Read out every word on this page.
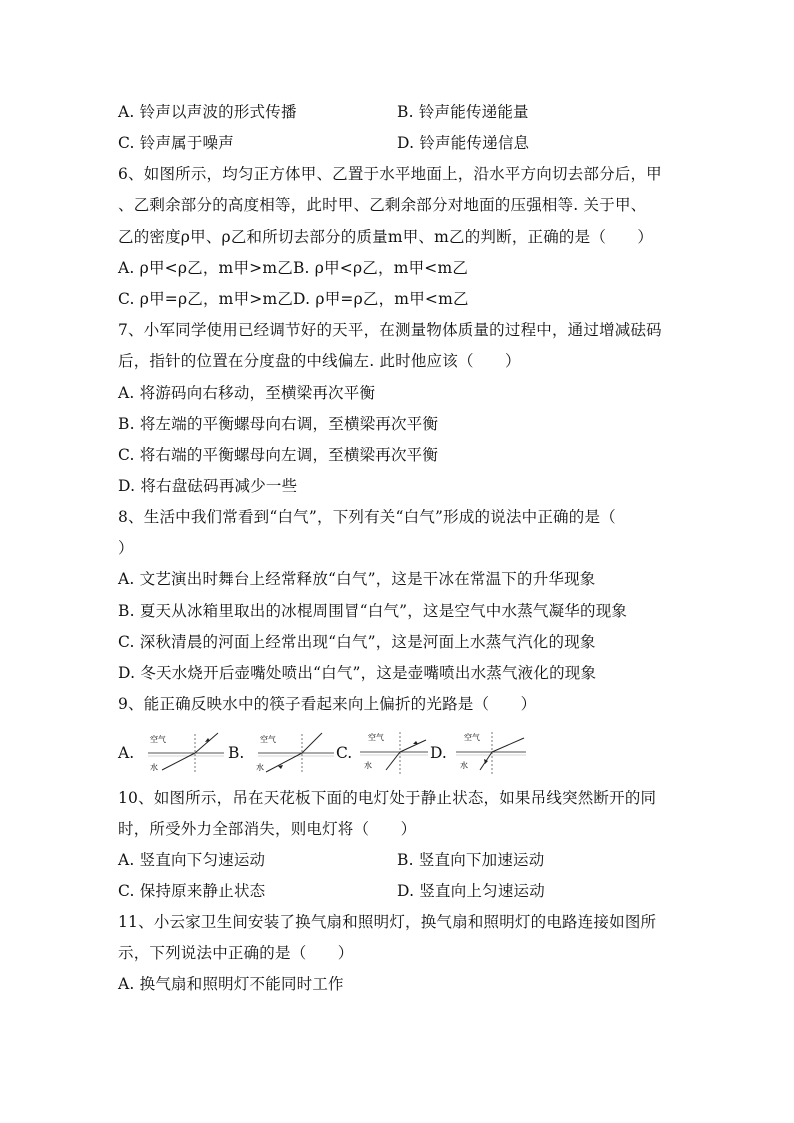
A. 铃声以声波的形式传播	B. 铃声能传递能量
C. 铃声属于噪声	D. 铃声能传递信息
6、如图所示，均匀正方体甲、乙置于水平地面上，沿水平方向切去部分后，甲
、乙剩余部分的高度相等，此时甲、乙剩余部分对地面的压强相等. 关于甲、
乙的密度ρ甲、ρ乙和所切去部分的质量m甲、m乙的判断，正确的是（　　）
A. ρ甲<ρ乙，m甲>m乙B. ρ甲<ρ乙，m甲<m乙
C. ρ甲=ρ乙，m甲>m乙D. ρ甲=ρ乙，m甲<m乙
7、小军同学使用已经调节好的天平，在测量物体质量的过程中，通过增减砝码
后，指针的位置在分度盘的中线偏左. 此时他应该（　　）
A. 将游码向右移动，至横梁再次平衡
B. 将左端的平衡螺母向右调，至横梁再次平衡
C. 将右端的平衡螺母向左调，至横梁再次平衡
D. 将右盘砝码再减少一些
8、生活中我们常看到“白气”，下列有关“白气”形成的说法中正确的是（
）
A. 文艺演出时舞台上经常释放“白气”，这是干冰在常温下的升华现象
B. 夏天从冰箱里取出的冰棍周围冒“白气”，这是空气中水蒸气凝华的现象
C. 深秋清晨的河面上经常出现“白气”，这是河面上水蒸气汽化的现象
D. 冬天水烧开后壶嘴处喷出“白气”，这是壶嘴喷出水蒸气液化的现象
9、能正确反映水中的筷子看起来向上偏折的光路是（　　）
A.
空气
水
B.
空气
水
C.
空气
水
D.
空气
水
10、如图所示，吊在天花板下面的电灯处于静止状态，如果吊线突然断开的同
时，所受外力全部消失，则电灯将（　　）
A. 竖直向下匀速运动	B. 竖直向下加速运动
C. 保持原来静止状态	D. 竖直向上匀速运动
11、小云家卫生间安装了换气扇和照明灯，换气扇和照明灯的电路连接如图所
示，下列说法中正确的是（　　）
A. 换气扇和照明灯不能同时工作
